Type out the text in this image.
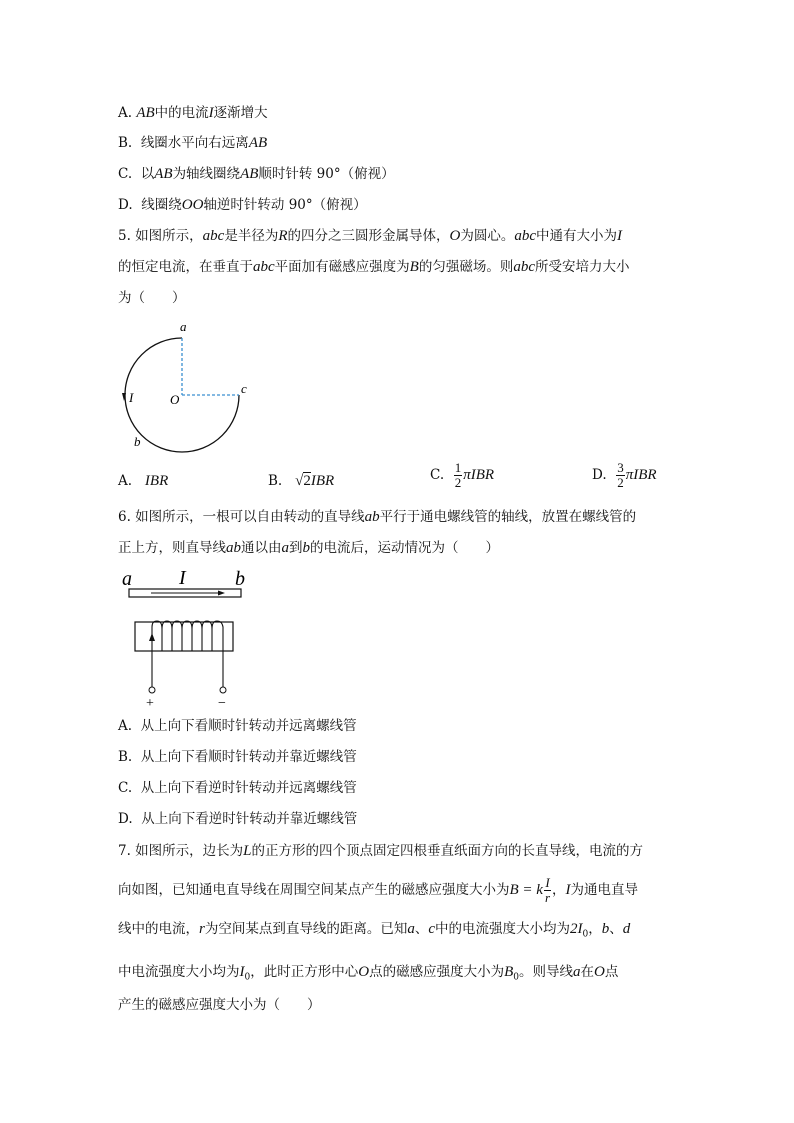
A. AB中的电流I逐渐增大
B. 线圈水平向右远离AB
C. 以AB为轴线圈绕AB顺时针转 90°（俯视）
D. 线圈绕OO轴逆时针转动 90°（俯视）
5. 如图所示，abc是半径为R的四分之三圆形金属导体，O为圆心。abc中通有大小为I
的恒定电流，在垂直于abc平面加有磁感应强度为B的匀强磁场。则abc所受安培力大小
为（　　）
a
c
b
O
I
A. IBR	B. √2IBR	C. $\frac{1}{2}$ πIBR	D. $\frac{3}{2}$ πIBR
6. 如图所示，一根可以自由转动的直导线ab平行于通电螺线管的轴线，放置在螺线管的
正上方，则直导线ab通以由a到b的电流后，运动情况为（　　）
a I b
+	−
A. 从上向下看顺时针转动并远离螺线管
B. 从上向下看顺时针转动并靠近螺线管
C. 从上向下看逆时针转动并远离螺线管
D. 从上向下看逆时针转动并靠近螺线管
7. 如图所示，边长为L的正方形的四个顶点固定四根垂直纸面方向的长直导线，电流的方
向如图，已知通电直导线在周围空间某点产生的磁感应强度大小为B = k $\frac{I}{r}$ ，I为通电直导
线中的电流，r为空间某点到直导线的距离。已知a、c中的电流强度大小均为$2I_0$，b、d
中电流强度大小均为$I_0$，此时正方形中心O点的磁感应强度大小为$B_0$。则导线a在O点
产生的磁感应强度大小为（　　）
